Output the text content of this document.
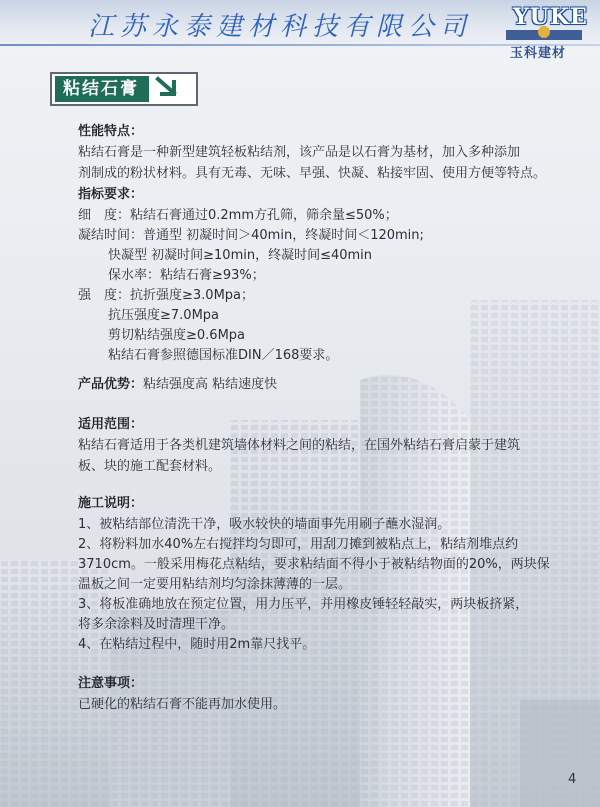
江苏永泰建材科技有限公司 YUKE
玉科建材
粘结石膏
性能特点：
粘结石膏是一种新型建筑轻板粘结剂，该产品是以石膏为基材，加入多种添加
剂制成的粉状材料。具有无毒、无味、早强、快凝、粘接牢固、使用方便等特点。
指标要求：
细　度：粘结石膏通过0.2mm方孔筛，筛余量≤50%；
凝结时间：普通型 初凝时间＞40min，终凝时间＜120min;
快凝型 初凝时间≥10min，终凝时间≤40min
保水率：粘结石膏≥93%；
强　度：抗折强度≥3.0Mpa；
抗压强度≥7.0Mpa
剪切粘结强度≥0.6Mpa
粘结石膏参照德国标准DIN／168要求。
产品优势：粘结强度高 粘结速度快
适用范围：
粘结石膏适用于各类机建筑墙体材料之间的粘结，在国外粘结石膏启蒙于建筑
板、块的施工配套材料。
施工说明：
1、被粘结部位清洗干净，吸水较快的墙面事先用刷子蘸水湿润。
2、将粉料加水40%左右搅拌均匀即可，用刮刀摊到被粘点上，粘结剂堆点约
3710cm。一般采用梅花点粘结，要求粘结面不得小于被粘结物面的20%，两块保
温板之间一定要用粘结剂均匀涂抹薄薄的一层。
3、将板准确地放在预定位置，用力压平，并用橡皮锤轻轻敲实，两块板挤紧，
将多余涂料及时清理干净。
4、在粘结过程中，随时用2m靠尺找平。
注意事项：
已硬化的粘结石膏不能再加水使用。
4
